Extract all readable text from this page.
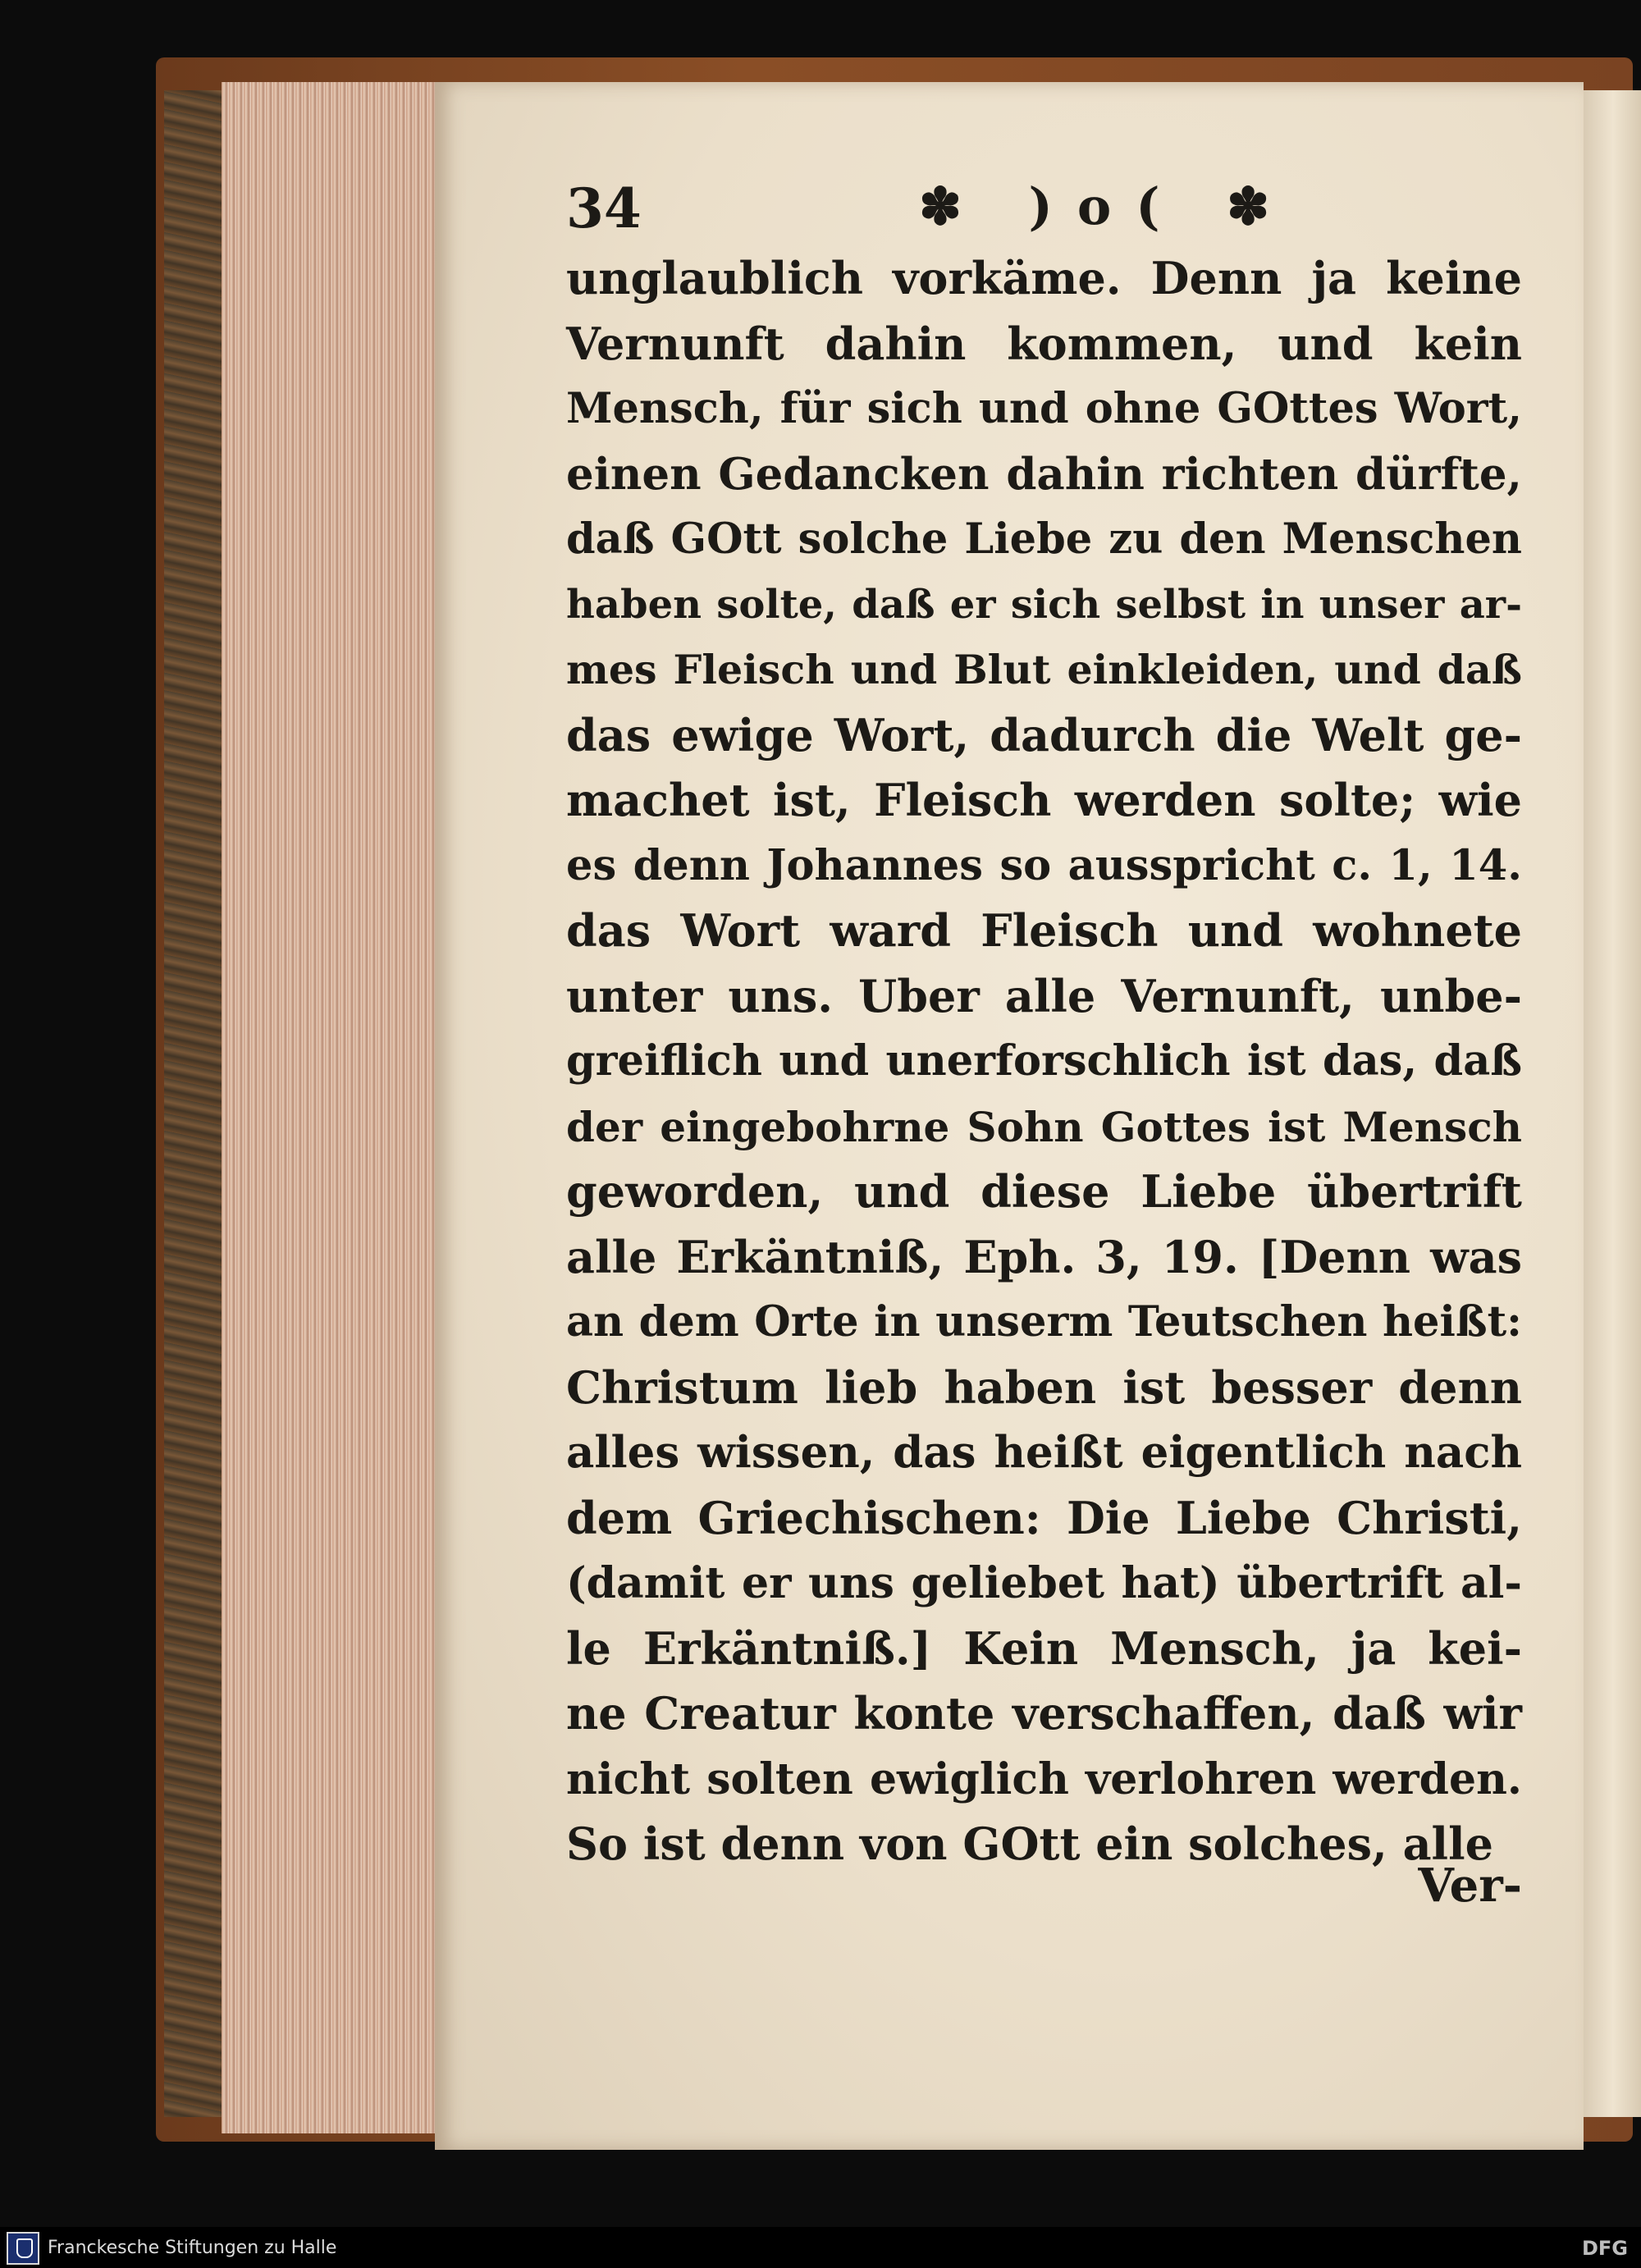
34	✽ )o( ✽
unglaublich vorkäme. Denn ja keine
Vernunft dahin kommen, und kein
Mensch, für sich und ohne GOttes Wort,
einen Gedancken dahin richten dürfte,
daß GOtt solche Liebe zu den Menschen
haben solte, daß er sich selbst in unser ar-
mes Fleisch und Blut einkleiden, und daß
das ewige Wort, dadurch die Welt ge-
machet ist, Fleisch werden solte; wie
es denn Johannes so ausspricht c. 1, 14.
das Wort ward Fleisch und wohnete
unter uns. Uber alle Vernunft, unbe-
greiflich und unerforschlich ist das, daß
der eingebohrne Sohn Gottes ist Mensch
geworden, und diese Liebe übertrift
alle Erkäntniß, Eph. 3, 19. [Denn was
an dem Orte in unserm Teutschen heißt:
Christum lieb haben ist besser denn
alles wissen, das heißt eigentlich nach
dem Griechischen: Die Liebe Christi,
(damit er uns geliebet hat) übertrift al-
le Erkäntniß.] Kein Mensch, ja kei-
ne Creatur konte verschaffen, daß wir
nicht solten ewiglich verlohren werden.
So ist denn von GOtt ein solches, alle
Ver-
Franckesche Stiftungen zu Halle	DFG
